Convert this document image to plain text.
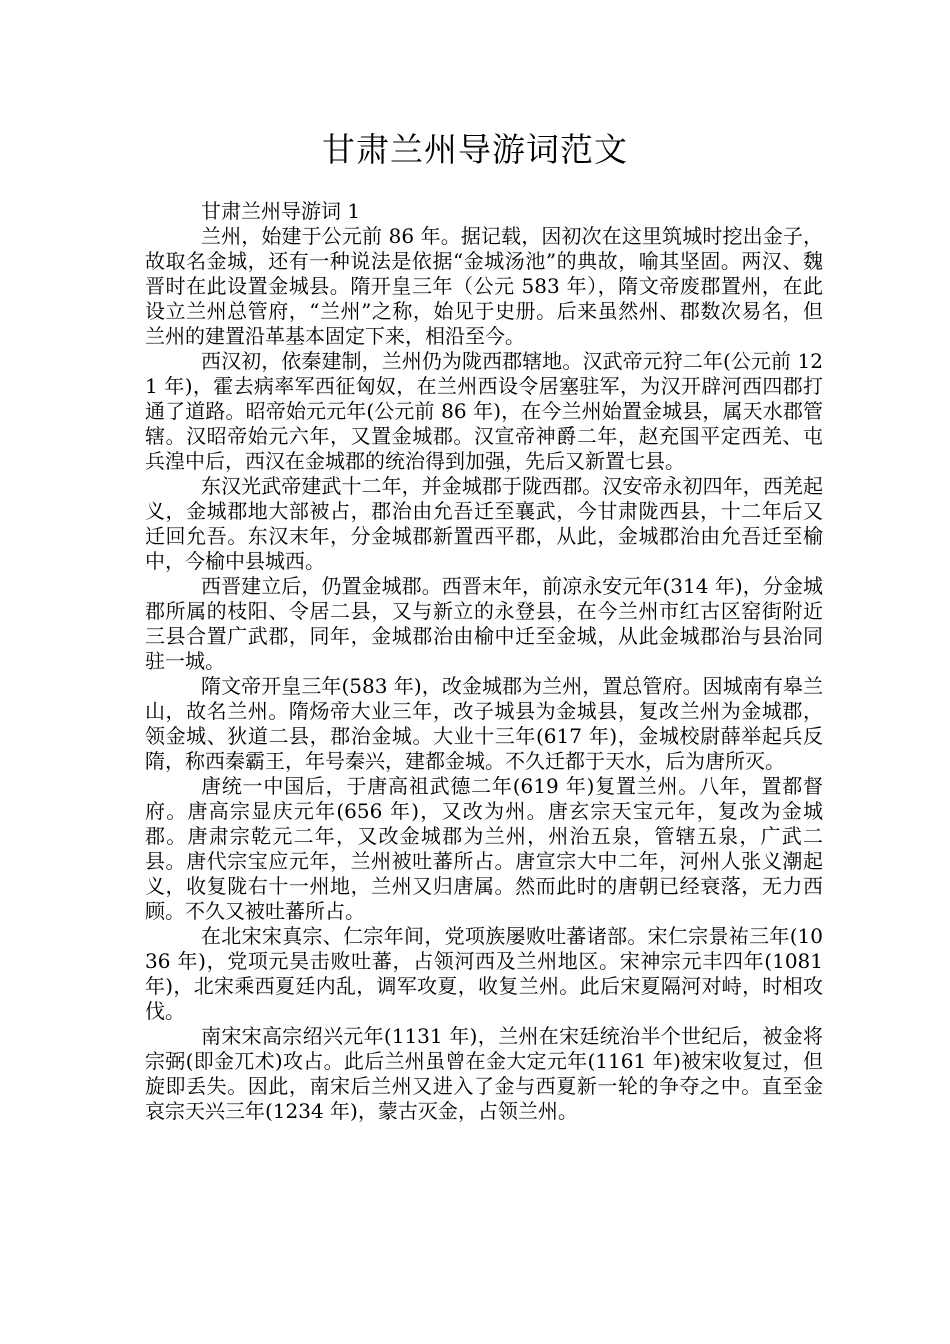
甘肃兰州导游词范文

甘肃兰州导游词 1

兰州，始建于公元前 86 年。据记载，因初次在这里筑城时挖出金子，故取名金城，还有一种说法是依据“金城汤池”的典故，喻其坚固。两汉、魏晋时在此设置金城县。隋开皇三年（公元 583 年），隋文帝废郡置州，在此设立兰州总管府，“兰州”之称，始见于史册。后来虽然州、郡数次易名，但兰州的建置沿革基本固定下来，相沿至今。

西汉初，依秦建制，兰州仍为陇西郡辖地。汉武帝元狩二年(公元前 121 年)，霍去病率军西征匈奴，在兰州西设令居塞驻军，为汉开辟河西四郡打通了道路。昭帝始元元年(公元前 86 年)，在今兰州始置金城县，属天水郡管辖。汉昭帝始元六年，又置金城郡。汉宣帝神爵二年，赵充国平定西羌、屯兵湟中后，西汉在金城郡的统治得到加强，先后又新置七县。

东汉光武帝建武十二年，并金城郡于陇西郡。汉安帝永初四年，西羌起义，金城郡地大部被占，郡治由允吾迁至襄武，今甘肃陇西县，十二年后又迁回允吾。东汉末年，分金城郡新置西平郡，从此，金城郡治由允吾迁至榆中，今榆中县城西。

西晋建立后，仍置金城郡。西晋末年，前凉永安元年(314 年)，分金城郡所属的枝阳、令居二县，又与新立的永登县，在今兰州市红古区窑街附近三县合置广武郡，同年，金城郡治由榆中迁至金城，从此金城郡治与县治同驻一城。

隋文帝开皇三年(583 年)，改金城郡为兰州，置总管府。因城南有皋兰山，故名兰州。隋炀帝大业三年，改子城县为金城县，复改兰州为金城郡，领金城、狄道二县，郡治金城。大业十三年(617 年)，金城校尉薛举起兵反隋，称西秦霸王，年号秦兴，建都金城。不久迁都于天水，后为唐所灭。

唐统一中国后，于唐高祖武德二年(619 年)复置兰州。八年，置都督府。唐高宗显庆元年(656 年)，又改为州。唐玄宗天宝元年，复改为金城郡。唐肃宗乾元二年，又改金城郡为兰州，州治五泉，管辖五泉，广武二县。唐代宗宝应元年，兰州被吐蕃所占。唐宣宗大中二年，河州人张义潮起义，收复陇右十一州地，兰州又归唐属。然而此时的唐朝已经衰落，无力西顾。不久又被吐蕃所占。

在北宋宋真宗、仁宗年间，党项族屡败吐蕃诸部。宋仁宗景祐三年(1036 年)，党项元昊击败吐蕃，占领河西及兰州地区。宋神宗元丰四年(1081 年)，北宋乘西夏廷内乱，调军攻夏，收复兰州。此后宋夏隔河对峙，时相攻伐。

南宋宋高宗绍兴元年(1131 年)，兰州在宋廷统治半个世纪后，被金将宗弼(即金兀术)攻占。此后兰州虽曾在金大定元年(1161 年)被宋收复过，但旋即丢失。因此，南宋后兰州又进入了金与西夏新一轮的争夺之中。直至金哀宗天兴三年(1234 年)，蒙古灭金，占领兰州。
